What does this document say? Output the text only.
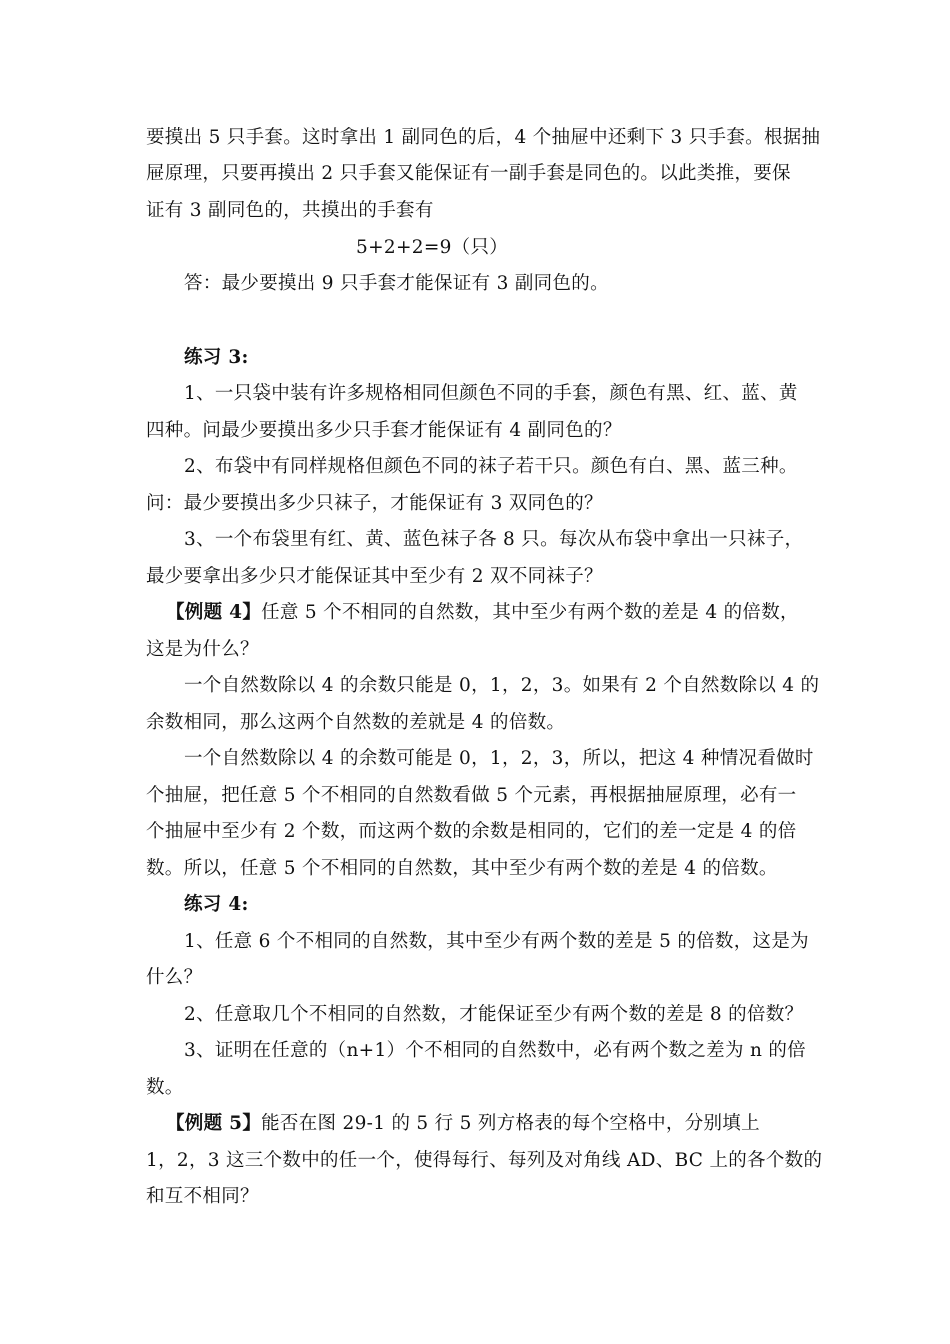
要摸出 5 只手套。这时拿出 1 副同色的后，4 个抽屉中还剩下 3 只手套。根据抽
屉原理，只要再摸出 2 只手套又能保证有一副手套是同色的。以此类推，要保
证有 3 副同色的，共摸出的手套有
5+2+2=9（只）
答：最少要摸出 9 只手套才能保证有 3 副同色的。
练习 3:
1、一只袋中装有许多规格相同但颜色不同的手套，颜色有黑、红、蓝、黄
四种。问最少要摸出多少只手套才能保证有 4 副同色的？
2、布袋中有同样规格但颜色不同的袜子若干只。颜色有白、黑、蓝三种。
问：最少要摸出多少只袜子，才能保证有 3 双同色的？
3、一个布袋里有红、黄、蓝色袜子各 8 只。每次从布袋中拿出一只袜子，
最少要拿出多少只才能保证其中至少有 2 双不同袜子？
【例题 4】任意 5 个不相同的自然数，其中至少有两个数的差是 4 的倍数，
这是为什么？
一个自然数除以 4 的余数只能是 0，1，2，3。如果有 2 个自然数除以 4 的
余数相同，那么这两个自然数的差就是 4 的倍数。
一个自然数除以 4 的余数可能是 0，1，2，3，所以，把这 4 种情况看做时
个抽屉，把任意 5 个不相同的自然数看做 5 个元素，再根据抽屉原理，必有一
个抽屉中至少有 2 个数，而这两个数的余数是相同的，它们的差一定是 4 的倍
数。所以，任意 5 个不相同的自然数，其中至少有两个数的差是 4 的倍数。
练习 4:
1、任意 6 个不相同的自然数，其中至少有两个数的差是 5 的倍数，这是为
什么？
2、任意取几个不相同的自然数，才能保证至少有两个数的差是 8 的倍数？
3、证明在任意的（n+1）个不相同的自然数中，必有两个数之差为 n 的倍
数。
【例题 5】能否在图 29-1 的 5 行 5 列方格表的每个空格中，分别填上
1，2，3 这三个数中的任一个，使得每行、每列及对角线 AD、BC 上的各个数的
和互不相同？
